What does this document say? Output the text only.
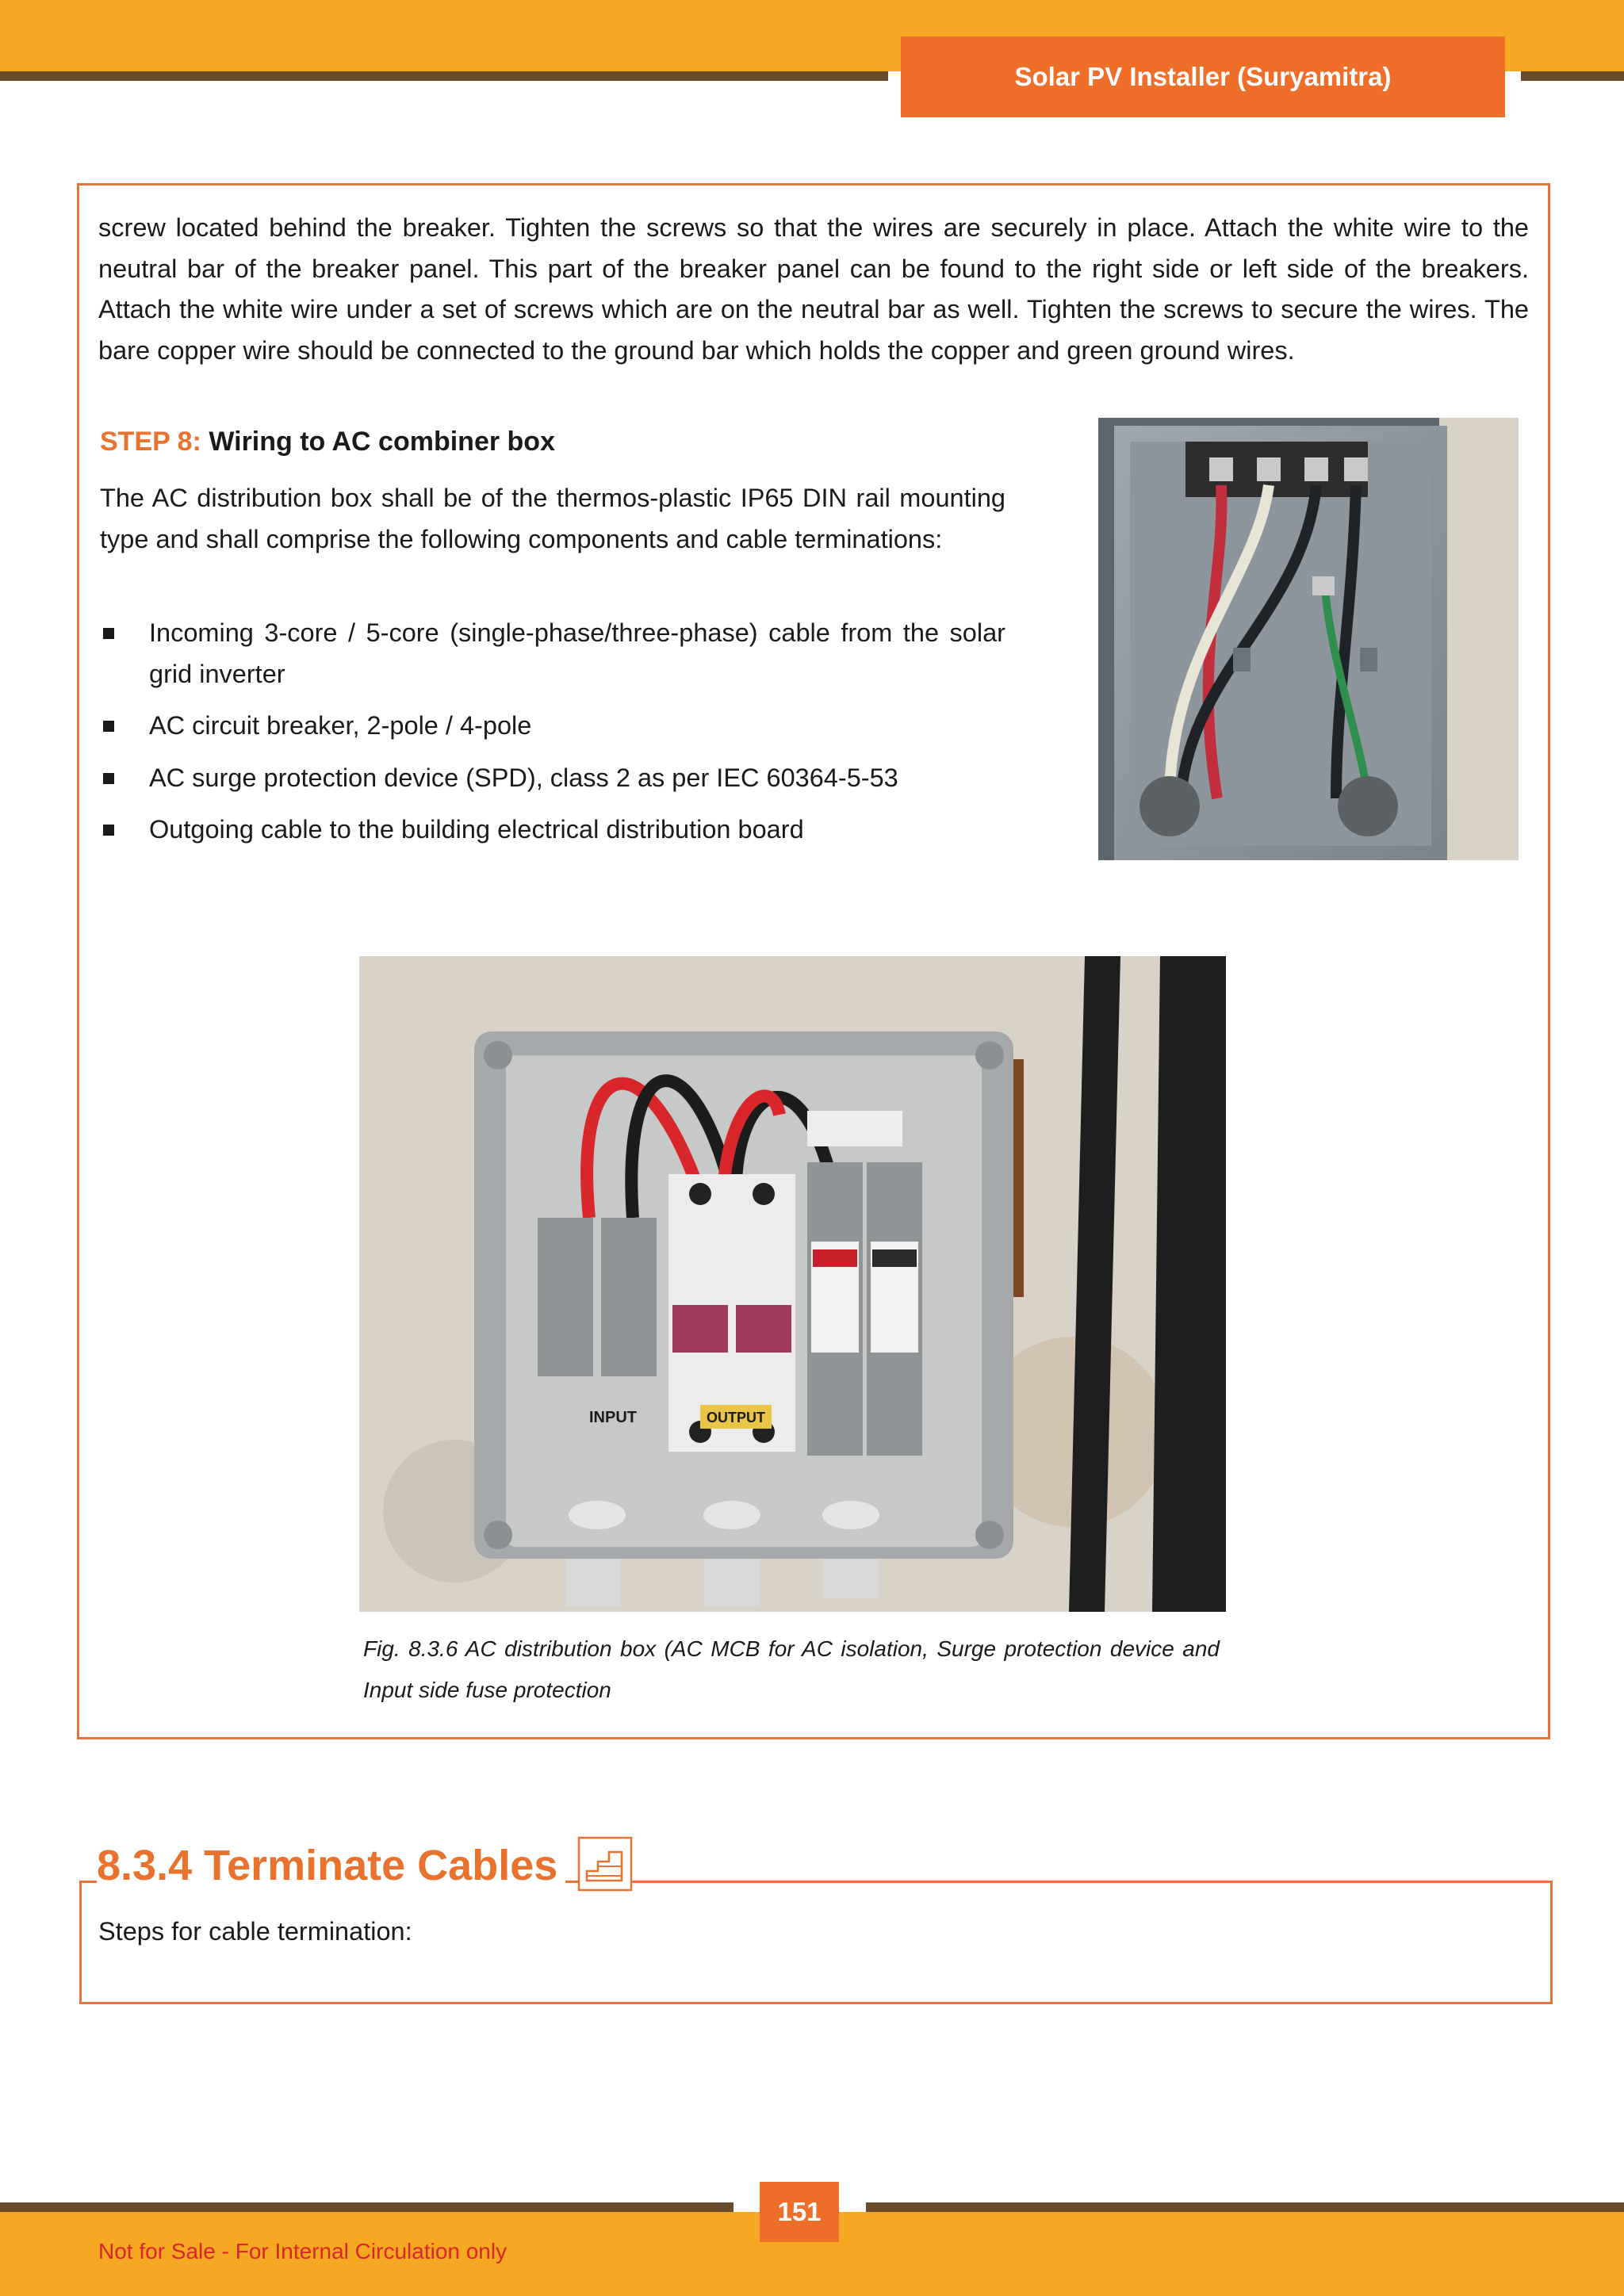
Solar PV Installer (Suryamitra)

screw located behind the breaker. Tighten the screws so that the wires are securely in place. Attach the white wire to the neutral bar of the breaker panel. This part of the breaker panel can be found to the right side or left side of the breakers. Attach the white wire under a set of screws which are on the neutral bar as well. Tighten the screws to secure the wires. The bare copper wire should be connected to the ground bar which holds the copper and green ground wires.

STEP 8: Wiring to AC combiner box

The AC distribution box shall be of the thermos-plastic IP65 DIN rail mounting type and shall comprise the following components and cable terminations:

Incoming 3-core / 5-core (single-phase/three-phase) cable from the solar grid inverter
AC circuit breaker, 2-pole / 4-pole
AC surge protection device (SPD), class 2 as per IEC 60364-5-53
Outgoing cable to the building electrical distribution board
INPUT	OUTPUT

Fig. 8.3.6 AC distribution box (AC MCB for AC isolation, Surge protection device and Input side fuse protection

8.3.4 Terminate Cables

Steps for cable termination:

151

Not for Sale - For Internal Circulation only
